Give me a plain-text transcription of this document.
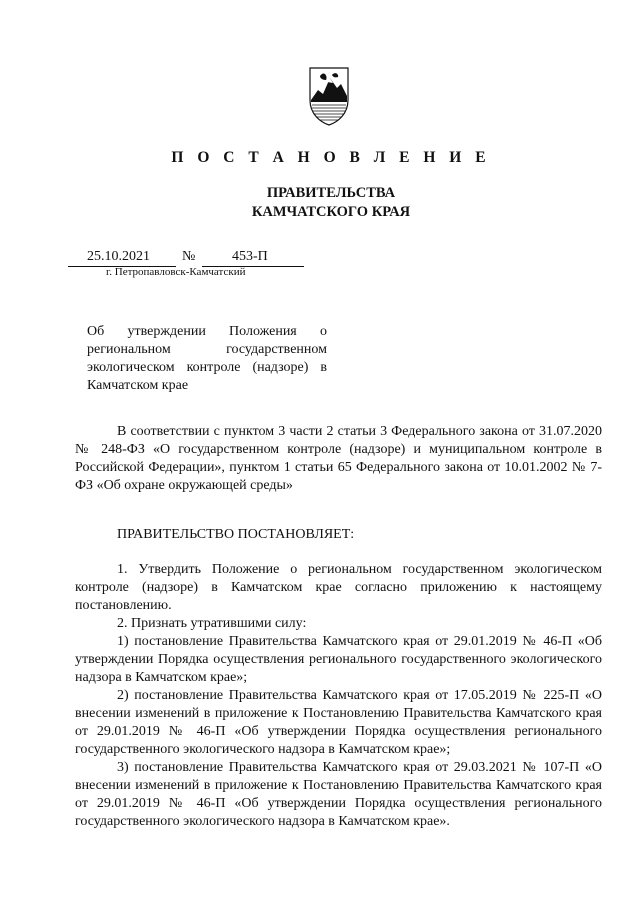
П О С Т А Н О В Л Е Н И Е
ПРАВИТЕЛЬСТВА
КАМЧАТСКОГО КРАЯ
25.10.2021 №	453-П
г. Петропавловск-Камчатский
Об утверждении Положения о региональном государственном экологическом контроле (надзоре) в Камчатском крае

В соответствии с пунктом 3 части 2 статьи 3 Федерального закона от 31.07.2020 № 248-ФЗ «О государственном контроле (надзоре) и муниципальном контроле в Российской Федерации», пунктом 1 статьи 65 Федерального закона от 10.01.2002 № 7-ФЗ «Об охране окружающей среды»

ПРАВИТЕЛЬСТВО ПОСТАНОВЛЯЕТ:

1. Утвердить Положение о региональном государственном экологическом контроле (надзоре) в Камчатском крае согласно приложению к настоящему постановлению.

2. Признать утратившими силу:

1) постановление Правительства Камчатского края от 29.01.2019 № 46-П «Об утверждении Порядка осуществления регионального государственного экологического надзора в Камчатском крае»;

2) постановление Правительства Камчатского края от 17.05.2019 № 225-П «О внесении изменений в приложение к Постановлению Правительства Камчатского края от 29.01.2019 № 46-П «Об утверждении Порядка осуществления регионального государственного экологического надзора в Камчатском крае»;

3) постановление Правительства Камчатского края от 29.03.2021 № 107-П «О внесении изменений в приложение к Постановлению Правительства Камчатского края от 29.01.2019 № 46-П «Об утверждении Порядка осуществления регионального государственного экологического надзора в Камчатском крае».
